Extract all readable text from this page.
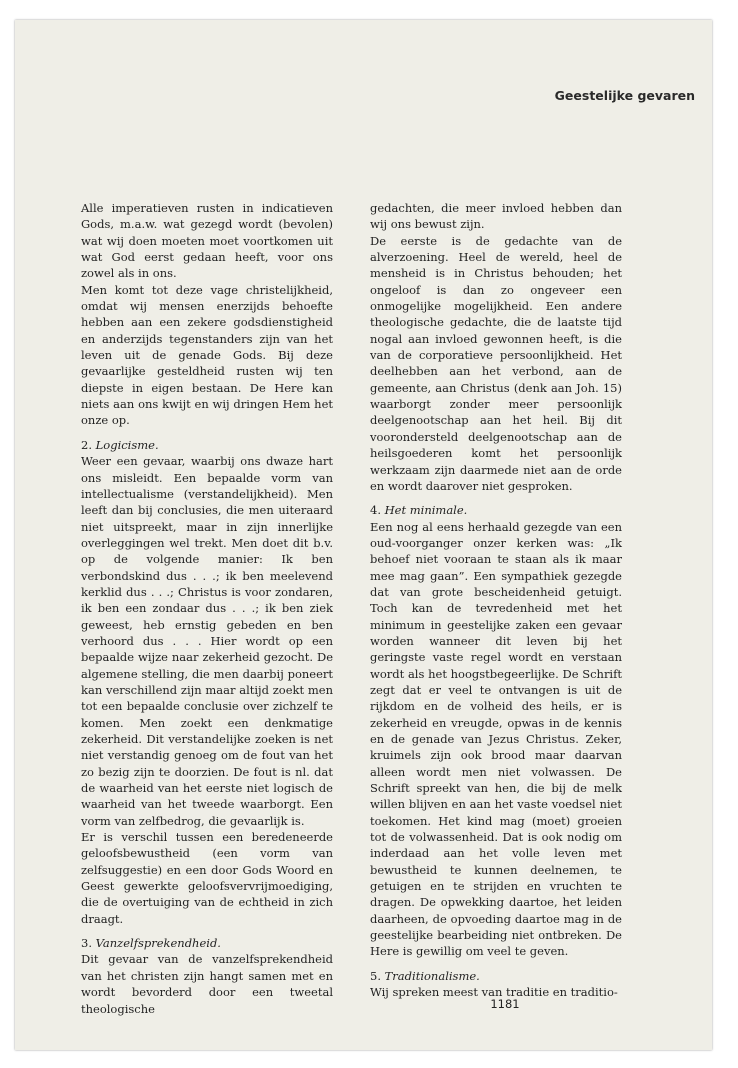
Geestelijke gevaren

Alle imperatieven rusten in indicatieven Gods, m.a.w. wat gezegd wordt (bevolen) wat wij doen moeten moet voortkomen uit wat God eerst gedaan heeft, voor ons zowel als in ons.

Men komt tot deze vage christelijkheid, omdat wij mensen enerzijds behoefte hebben aan een zekere godsdienstigheid en anderzijds tegenstanders zijn van het leven uit de genade Gods. Bij deze gevaarlijke gesteldheid rusten wij ten diepste in eigen bestaan. De Here kan niets aan ons kwijt en wij dringen Hem het onze op.

2. Logicisme.

Weer een gevaar, waarbij ons dwaze hart ons misleidt. Een bepaalde vorm van intellectualisme (verstandelijkheid). Men leeft dan bij conclusies, die men uiteraard niet uitspreekt, maar in zijn innerlijke overleggingen wel trekt. Men doet dit b.v. op de volgende manier: Ik ben verbondskind dus . . .; ik ben meelevend kerklid dus . . .; Christus is voor zondaren, ik ben een zondaar dus . . .; ik ben ziek geweest, heb ernstig gebeden en ben verhoord dus . . . Hier wordt op een bepaalde wijze naar zekerheid gezocht. De algemene stelling, die men daarbij poneert kan verschillend zijn maar altijd zoekt men tot een bepaalde conclusie over zichzelf te komen. Men zoekt een denkmatige zekerheid. Dit verstandelijke zoeken is net niet verstandig genoeg om de fout van het zo bezig zijn te doorzien. De fout is nl. dat de waarheid van het eerste niet logisch de waarheid van het tweede waarborgt. Een vorm van zelfbedrog, die gevaarlijk is.

Er is verschil tussen een beredeneerde geloofsbewustheid (een vorm van zelfsuggestie) en een door Gods Woord en Geest gewerkte geloofsvervrijmoediging, die de overtuiging van de echtheid in zich draagt.

3. Vanzelfsprekendheid.

Dit gevaar van de vanzelfsprekendheid van het christen zijn hangt samen met en wordt bevorderd door een tweetal theologische

gedachten, die meer invloed hebben dan wij ons bewust zijn.

De eerste is de gedachte van de alverzoening. Heel de wereld, heel de mensheid is in Christus behouden; het ongeloof is dan zo ongeveer een onmogelijke mogelijkheid. Een andere theologische gedachte, die de laatste tijd nogal aan invloed gewonnen heeft, is die van de corporatieve persoonlijkheid. Het deelhebben aan het verbond, aan de gemeente, aan Christus (denk aan Joh. 15) waarborgt zonder meer persoonlijk deelgenootschap aan het heil. Bij dit voorondersteld deelgenootschap aan de heilsgoederen komt het persoonlijk werkzaam zijn daarmede niet aan de orde en wordt daarover niet gesproken.

4. Het minimale.

Een nog al eens herhaald gezegde van een oud-voorganger onzer kerken was: „Ik behoef niet vooraan te staan als ik maar mee mag gaan”. Een sympathiek gezegde dat van grote bescheidenheid getuigt. Toch kan de tevredenheid met het minimum in geestelijke zaken een gevaar worden wanneer dit leven bij het geringste vaste regel wordt en verstaan wordt als het hoogstbegeerlijke. De Schrift zegt dat er veel te ontvangen is uit de rijkdom en de volheid des heils, er is zekerheid en vreugde, opwas in de kennis en de genade van Jezus Christus. Zeker, kruimels zijn ook brood maar daarvan alleen wordt men niet volwassen. De Schrift spreekt van hen, die bij de melk willen blijven en aan het vaste voedsel niet toekomen. Het kind mag (moet) groeien tot de volwassenheid. Dat is ook nodig om inderdaad aan het volle leven met bewustheid te kunnen deelnemen, te getuigen en te strijden en vruchten te dragen. De opwekking daartoe, het leiden daarheen, de opvoeding daartoe mag in de geestelijke bearbeiding niet ontbreken. De Here is gewillig om veel te geven.

5. Traditionalisme.

Wij spreken meest van traditie en traditio-

1181
